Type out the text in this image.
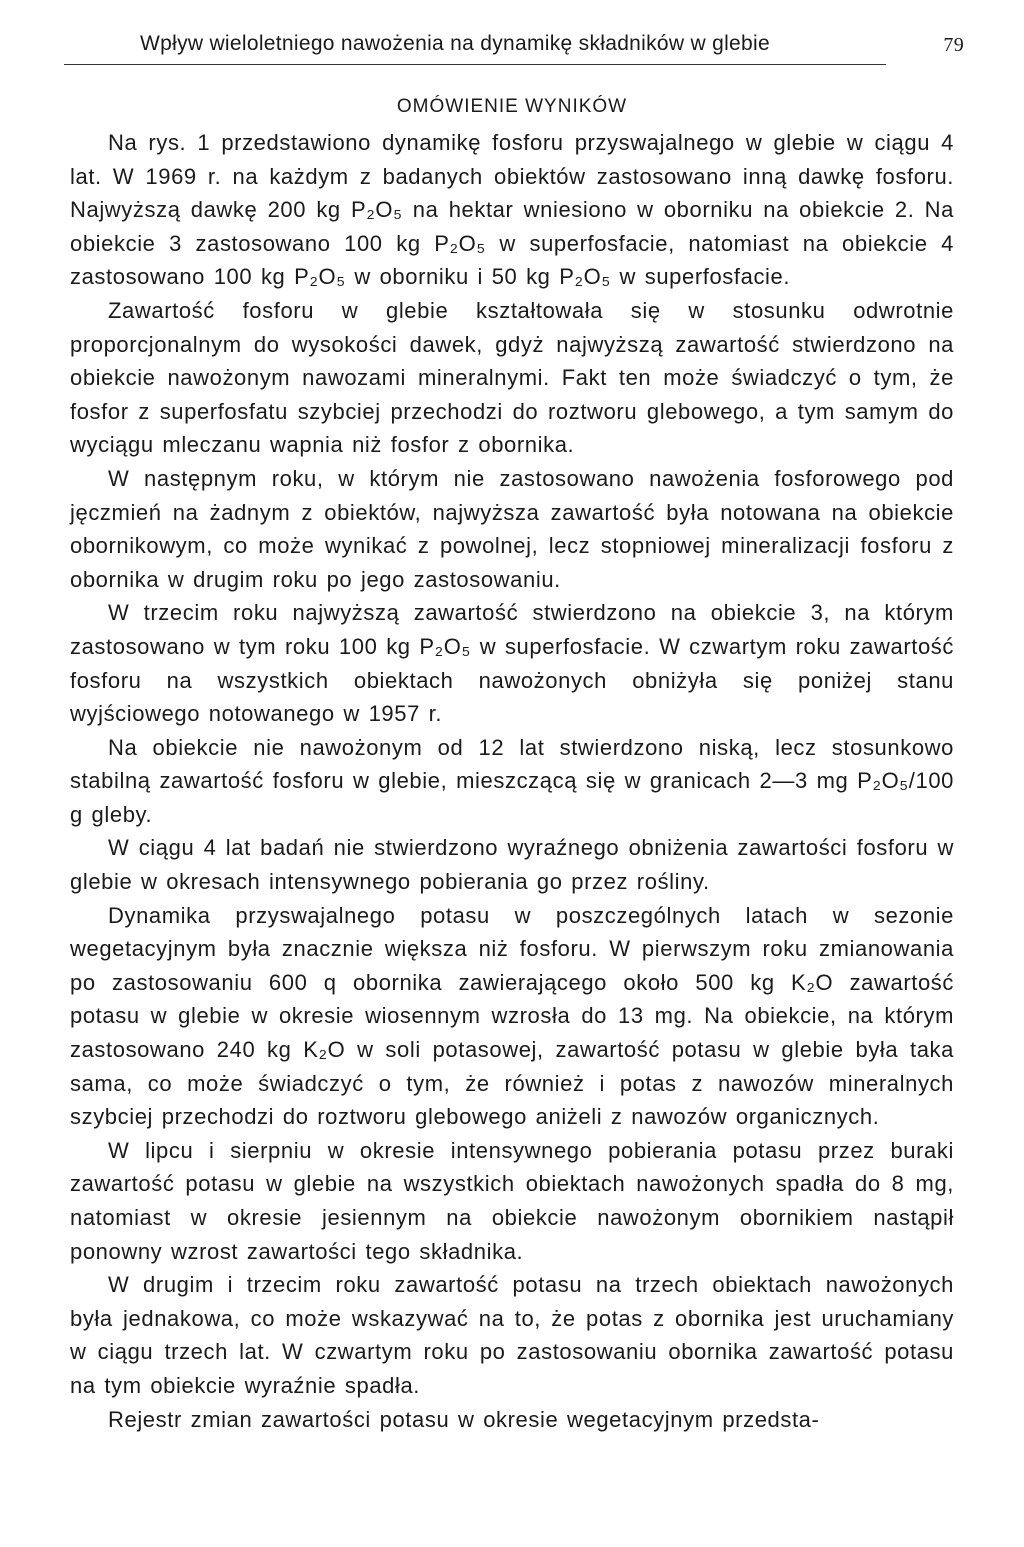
Wpływ wieloletniego nawożenia na dynamikę składników w glebie	79
OMÓWIENIE WYNIKÓW

Na rys. 1 przedstawiono dynamikę fosforu przyswajalnego w glebie w ciągu 4 lat. W 1969 r. na każdym z badanych obiektów zastosowano inną dawkę fosforu. Najwyższą dawkę 200 kg P₂O₅ na hektar wniesiono w oborniku na obiekcie 2. Na obiekcie 3 zastosowano 100 kg P₂O₅ w superfosfacie, natomiast na obiekcie 4 zastosowano 100 kg P₂O₅ w oborniku i 50 kg P₂O₅ w superfosfacie.

Zawartość fosforu w glebie kształtowała się w stosunku odwrotnie proporcjonalnym do wysokości dawek, gdyż najwyższą zawartość stwierdzono na obiekcie nawożonym nawozami mineralnymi. Fakt ten może świadczyć o tym, że fosfor z superfosfatu szybciej przechodzi do roztworu glebowego, a tym samym do wyciągu mleczanu wapnia niż fosfor z obornika.

W następnym roku, w którym nie zastosowano nawożenia fosforowego pod jęczmień na żadnym z obiektów, najwyższa zawartość była notowana na obiekcie obornikowym, co może wynikać z powolnej, lecz stopniowej mineralizacji fosforu z obornika w drugim roku po jego zastosowaniu.

W trzecim roku najwyższą zawartość stwierdzono na obiekcie 3, na którym zastosowano w tym roku 100 kg P₂O₅ w superfosfacie. W czwartym roku zawartość fosforu na wszystkich obiektach nawożonych obniżyła się poniżej stanu wyjściowego notowanego w 1957 r.

Na obiekcie nie nawożonym od 12 lat stwierdzono niską, lecz stosunkowo stabilną zawartość fosforu w glebie, mieszczącą się w granicach 2—3 mg P₂O₅/100 g gleby.

W ciągu 4 lat badań nie stwierdzono wyraźnego obniżenia zawartości fosforu w glebie w okresach intensywnego pobierania go przez rośliny.

Dynamika przyswajalnego potasu w poszczególnych latach w sezonie wegetacyjnym była znacznie większa niż fosforu. W pierwszym roku zmianowania po zastosowaniu 600 q obornika zawierającego około 500 kg K₂O zawartość potasu w glebie w okresie wiosennym wzrosła do 13 mg. Na obiekcie, na którym zastosowano 240 kg K₂O w soli potasowej, zawartość potasu w glebie była taka sama, co może świadczyć o tym, że również i potas z nawozów mineralnych szybciej przechodzi do roztworu glebowego aniżeli z nawozów organicznych.

W lipcu i sierpniu w okresie intensywnego pobierania potasu przez buraki zawartość potasu w glebie na wszystkich obiektach nawożonych spadła do 8 mg, natomiast w okresie jesiennym na obiekcie nawożonym obornikiem nastąpił ponowny wzrost zawartości tego składnika.

W drugim i trzecim roku zawartość potasu na trzech obiektach nawożonych była jednakowa, co może wskazywać na to, że potas z obornika jest uruchamiany w ciągu trzech lat. W czwartym roku po zastosowaniu obornika zawartość potasu na tym obiekcie wyraźnie spadła.

Rejestr zmian zawartości potasu w okresie wegetacyjnym przedsta-
